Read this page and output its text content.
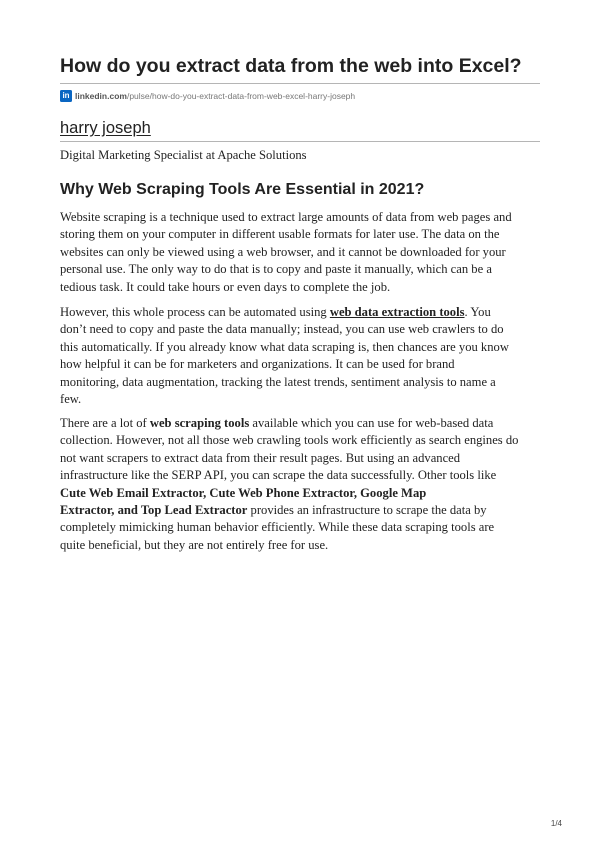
How do you extract data from the web into Excel?
in linkedin.com /pulse/how-do-you-extract-data-from-web-excel-harry-joseph
harry joseph
Digital Marketing Specialist at Apache Solutions
Why Web Scraping Tools Are Essential in 2021?
Website scraping is a technique used to extract large amounts of data from web pages and
storing them on your computer in different usable formats for later use. The data on the
websites can only be viewed using a web browser, and it cannot be downloaded for your
personal use. The only way to do that is to copy and paste it manually, which can be a
tedious task. It could take hours or even days to complete the job.
However, this whole process can be automated using web data extraction tools. You
don’t need to copy and paste the data manually; instead, you can use web crawlers to do
this automatically. If you already know what data scraping is, then chances are you know
how helpful it can be for marketers and organizations. It can be used for brand
monitoring, data augmentation, tracking the latest trends, sentiment analysis to name a
few.
There are a lot of web scraping tools available which you can use for web-based data
collection. However, not all those web crawling tools work efficiently as search engines do
not want scrapers to extract data from their result pages. But using an advanced
infrastructure like the SERP API, you can scrape the data successfully. Other tools like
Cute Web Email Extractor, Cute Web Phone Extractor, Google Map
Extractor, and Top Lead Extractor provides an infrastructure to scrape the data by
completely mimicking human behavior efficiently. While these data scraping tools are
quite beneficial, but they are not entirely free for use.
1/4
